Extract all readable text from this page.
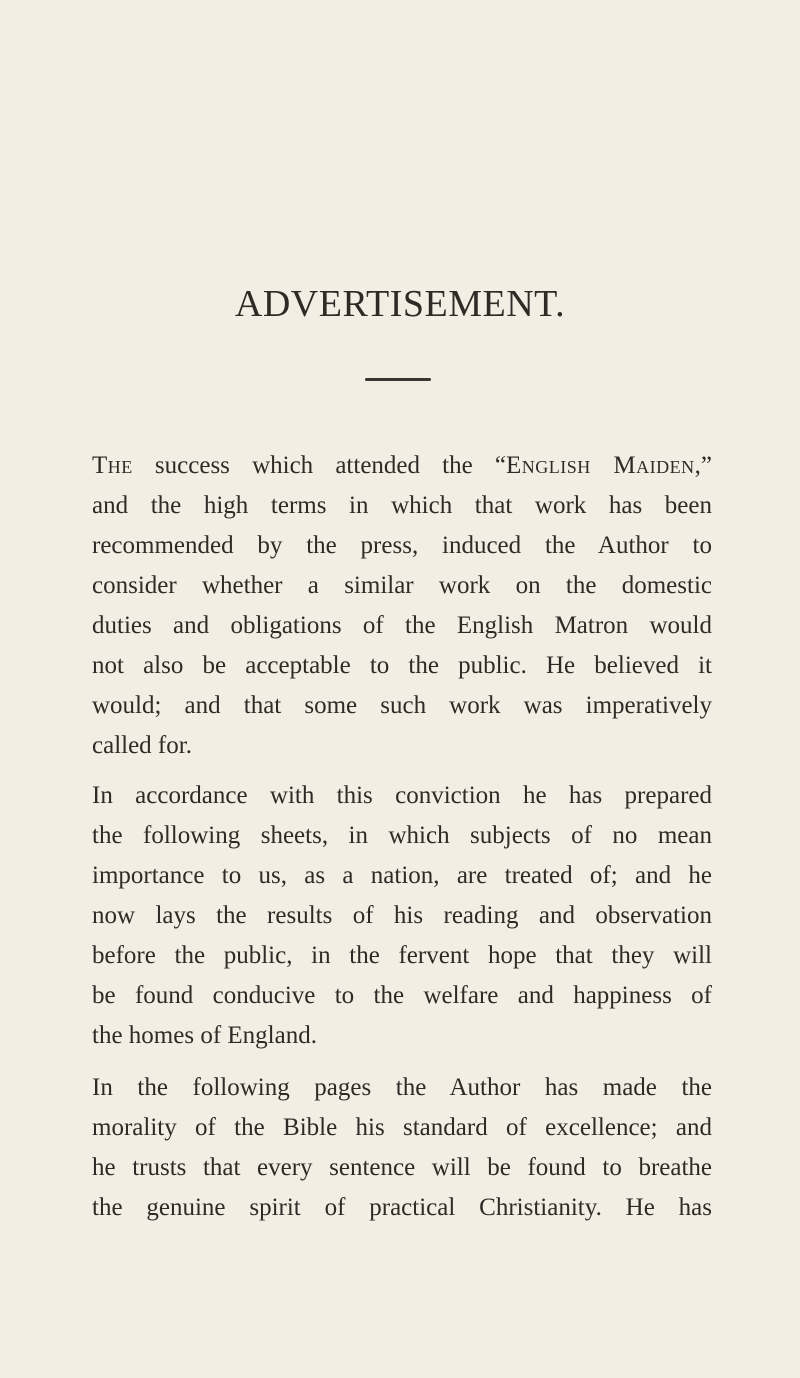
ADVERTISEMENT.
The success which attended the “English Maiden,”
and the high terms in which that work has been
recommended by the press, induced the Author to
consider whether a similar work on the domestic
duties and obligations of the English Matron would
not also be acceptable to the public. He believed it
would; and that some such work was imperatively
called for.
In accordance with this conviction he has prepared
the following sheets, in which subjects of no mean
importance to us, as a nation, are treated of; and he
now lays the results of his reading and observation
before the public, in the fervent hope that they will
be found conducive to the welfare and happiness of
the homes of England.
In the following pages the Author has made the
morality of the Bible his standard of excellence; and
he trusts that every sentence will be found to breathe
the genuine spirit of practical Christianity. He has
